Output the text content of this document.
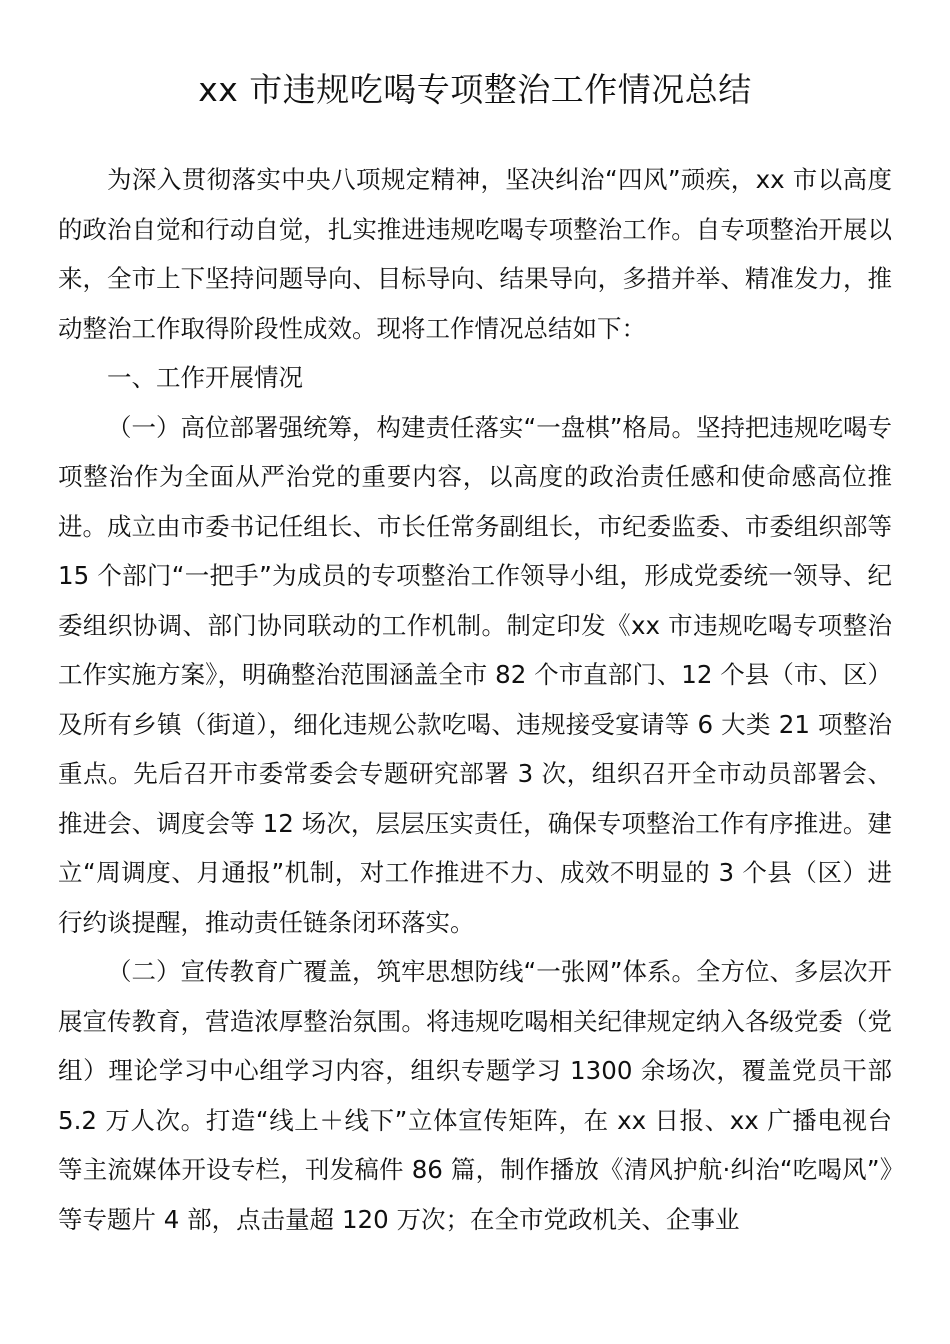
xx 市违规吃喝专项整治工作情况总结

为深入贯彻落实中央八项规定精神，坚决纠治“四风”顽疾，xx 市以高度的政治自觉和行动自觉，扎实推进违规吃喝专项整治工作。自专项整治开展以来，全市上下坚持问题导向、目标导向、结果导向，多措并举、精准发力，推动整治工作取得阶段性成效。现将工作情况总结如下：

一、工作开展情况

（一）高位部署强统筹，构建责任落实“一盘棋”格局。坚持把违规吃喝专项整治作为全面从严治党的重要内容，以高度的政治责任感和使命感高位推进。成立由市委书记任组长、市长任常务副组长，市纪委监委、市委组织部等 15 个部门“一把手”为成员的专项整治工作领导小组，形成党委统一领导、纪委组织协调、部门协同联动的工作机制。制定印发《xx 市违规吃喝专项整治工作实施方案》，明确整治范围涵盖全市 82 个市直部门、12 个县（市、区）及所有乡镇（街道），细化违规公款吃喝、违规接受宴请等 6 大类 21 项整治重点。先后召开市委常委会专题研究部署 3 次，组织召开全市动员部署会、推进会、调度会等 12 场次，层层压实责任，确保专项整治工作有序推进。建立“周调度、月通报”机制，对工作推进不力、成效不明显的 3 个县（区）进行约谈提醒，推动责任链条闭环落实。

（二）宣传教育广覆盖，筑牢思想防线“一张网”体系。全方位、多层次开展宣传教育，营造浓厚整治氛围。将违规吃喝相关纪律规定纳入各级党委（党组）理论学习中心组学习内容，组织专题学习 1300 余场次，覆盖党员干部 5.2 万人次。打造“线上＋线下”立体宣传矩阵，在 xx 日报、xx 广播电视台等主流媒体开设专栏，刊发稿件 86 篇，制作播放《清风护航·纠治“吃喝风”》等专题片 4 部，点击量超 120 万次；在全市党政机关、企事业
